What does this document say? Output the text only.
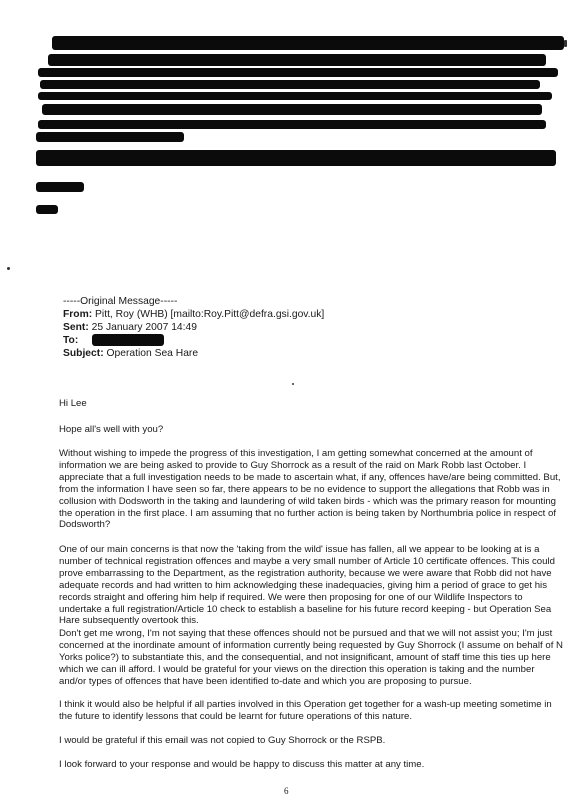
-----Original Message-----
From: Pitt, Roy (WHB) [mailto:Roy.Pitt@defra.gsi.gov.uk]
Sent: 25 January 2007 14:49
To:
Subject: Operation Sea Hare
Hi Lee
Hope all's well with you?
Without wishing to impede the progress of this investigation, I am getting somewhat concerned at the amount of information we are being asked to provide to Guy Shorrock as a result of the raid on Mark Robb last October. I appreciate that a full investigation needs to be made to ascertain what, if any, offences have/are being committed. But, from the information I have seen so far, there appears to be no evidence to support the allegations that Robb was in collusion with Dodsworth in the taking and laundering of wild taken birds - which was the primary reason for mounting the operation in the first place. I am assuming that no further action is being taken by Northumbria police in respect of Dodsworth?
One of our main concerns is that now the 'taking from the wild' issue has fallen, all we appear to be looking at is a number of technical registration offences and maybe a very small number of Article 10 certificate offences. This could prove embarrassing to the Department, as the registration authority, because we were aware that Robb did not have adequate records and had written to him acknowledging these inadequacies, giving him a period of grace to get his records straight and offering him help if required. We were then proposing for one of our Wildlife Inspectors to undertake a full registration/Article 10 check to establish a baseline for his future record keeping - but Operation Sea Hare subsequently overtook this.
Don't get me wrong, I'm not saying that these offences should not be pursued and that we will not assist you; I'm just concerned at the inordinate amount of information currently being requested by Guy Shorrock (I assume on behalf of N Yorks police?) to substantiate this, and the consequential, and not insignificant, amount of staff time this ties up here which we can ill afford. I would be grateful for your views on the direction this operation is taking and the number and/or types of offences that have been identified to-date and which you are proposing to pursue.
I think it would also be helpful if all parties involved in this Operation get together for a wash-up meeting sometime in the future to identify lessons that could be learnt for future operations of this nature.
I would be grateful if this email was not copied to Guy Shorrock or the RSPB.
I look forward to your response and would be happy to discuss this matter at any time.
6
